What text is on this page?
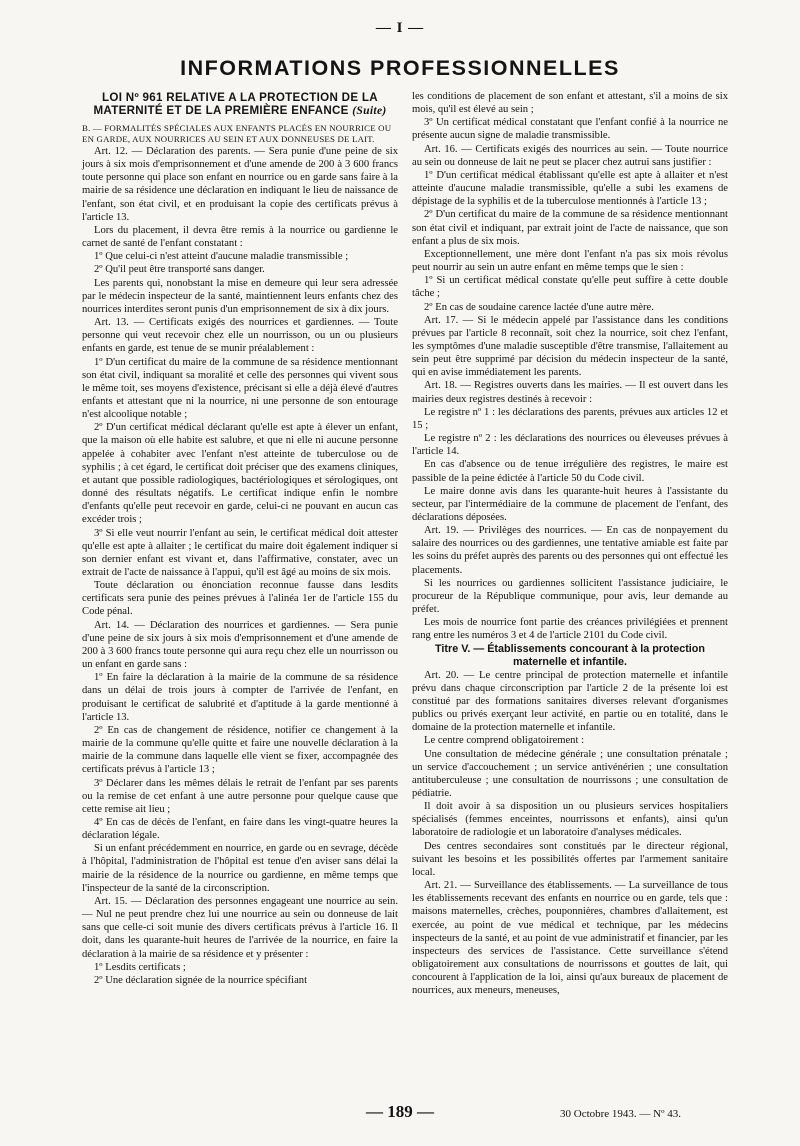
— I —
INFORMATIONS PROFESSIONNELLES
LOI Nº 961 RELATIVE A LA PROTECTION DE LA MATERNITÉ ET DE LA PREMIÈRE ENFANCE (Suite)

B. — FORMALITÉS SPÉCIALES AUX ENFANTS PLACÉS EN NOURRICE OU EN GARDE, AUX NOURRICES AU SEIN ET AUX DONNEUSES DE LAIT.

Art. 12. — Déclaration des parents. — Sera punie d'une peine de six jours à six mois d'emprisonnement et d'une amende de 200 à 3 600 francs toute personne qui place son enfant en nourrice ou en garde sans faire à la mairie de sa résidence une déclaration en indiquant le lieu de naissance de l'enfant, son état civil, et en produisant la copie des certificats prévus à l'article 13.

Lors du placement, il devra être remis à la nourrice ou gardienne le carnet de santé de l'enfant constatant :

1º Que celui-ci n'est atteint d'aucune maladie transmissible ;

2º Qu'il peut être transporté sans danger.

Les parents qui, nonobstant la mise en demeure qui leur sera adressée par le médecin inspecteur de la santé, maintiennent leurs enfants chez des nourrices interdites seront punis d'un emprisonnement de six à dix jours.

Art. 13. — Certificats exigés des nourrices et gardiennes. — Toute personne qui veut recevoir chez elle un nourrisson, ou un ou plusieurs enfants en garde, est tenue de se munir préalablement :

1º D'un certificat du maire de la commune de sa résidence mentionnant son état civil, indiquant sa moralité et celle des personnes qui vivent sous le même toit, ses moyens d'existence, précisant si elle a déjà élevé d'autres enfants et attestant que ni la nourrice, ni une personne de son entourage n'est alcoolique notable ;

2º D'un certificat médical déclarant qu'elle est apte à élever un enfant, que la maison où elle habite est salubre, et que ni elle ni aucune personne appelée à cohabiter avec l'enfant n'est atteinte de tuberculose ou de syphilis ; à cet égard, le certificat doit préciser que des examens cliniques, et autant que possible radiologiques, bactériologiques et sérologiques, ont donné des résultats négatifs. Le certificat indique enfin le nombre d'enfants qu'elle peut recevoir en garde, celui-ci ne pouvant en aucun cas excéder trois ;

3º Si elle veut nourrir l'enfant au sein, le certificat médical doit attester qu'elle est apte à allaiter ; le certificat du maire doit également indiquer si son dernier enfant est vivant et, dans l'affirmative, constater, avec un extrait de l'acte de naissance à l'appui, qu'il est âgé au moins de six mois.

Toute déclaration ou énonciation reconnue fausse dans lesdits certificats sera punie des peines prévues à l'alinéa 1er de l'article 155 du Code pénal.

Art. 14. — Déclaration des nourrices et gardiennes. — Sera punie d'une peine de six jours à six mois d'emprisonnement et d'une amende de 200 à 3 600 francs toute personne qui aura reçu chez elle un nourrisson ou un enfant en garde sans :

1º En faire la déclaration à la mairie de la commune de sa résidence dans un délai de trois jours à compter de l'arrivée de l'enfant, en produisant le certificat de salubrité et d'aptitude à la garde mentionné à l'article 13.

2º En cas de changement de résidence, notifier ce changement à la mairie de la commune qu'elle quitte et faire une nouvelle déclaration à la mairie de la commune dans laquelle elle vient se fixer, accompagnée des certificats prévus à l'article 13 ;

3º Déclarer dans les mêmes délais le retrait de l'enfant par ses parents ou la remise de cet enfant à une autre personne pour quelque cause que cette remise ait lieu ;

4º En cas de décès de l'enfant, en faire dans les vingt-quatre heures la déclaration légale.

Si un enfant précédemment en nourrice, en garde ou en sevrage, décède à l'hôpital, l'administration de l'hôpital est tenue d'en aviser sans délai la mairie de la résidence de la nourrice ou gardienne, en même temps que l'inspecteur de la santé de la circonscription.

Art. 15. — Déclaration des personnes engageant une nourrice au sein. — Nul ne peut prendre chez lui une nourrice au sein ou donneuse de lait sans que celle-ci soit munie des divers certificats prévus à l'article 16. Il doit, dans les quarante-huit heures de l'arrivée de la nourrice, en faire la déclaration à la mairie de sa résidence et y présenter :

1º Lesdits certificats ;

2º Une déclaration signée de la nourrice spécifiant

les conditions de placement de son enfant et attestant, s'il a moins de six mois, qu'il est élevé au sein ;

3º Un certificat médical constatant que l'enfant confié à la nourrice ne présente aucun signe de maladie transmissible.

Art. 16. — Certificats exigés des nourrices au sein. — Toute nourrice au sein ou donneuse de lait ne peut se placer chez autrui sans justifier :

1º D'un certificat médical établissant qu'elle est apte à allaiter et n'est atteinte d'aucune maladie transmissible, qu'elle a subi les examens de dépistage de la syphilis et de la tuberculose mentionnés à l'article 13 ;

2º D'un certificat du maire de la commune de sa résidence mentionnant son état civil et indiquant, par extrait joint de l'acte de naissance, que son enfant a plus de six mois.

Exceptionnellement, une mère dont l'enfant n'a pas six mois révolus peut nourrir au sein un autre enfant en même temps que le sien :

1º Si un certificat médical constate qu'elle peut suffire à cette double tâche ;

2º En cas de soudaine carence lactée d'une autre mère.

Art. 17. — Si le médecin appelé par l'assistance dans les conditions prévues par l'article 8 reconnaît, soit chez la nourrice, soit chez l'enfant, les symptômes d'une maladie susceptible d'être transmise, l'allaitement au sein peut être supprimé par décision du médecin inspecteur de la santé, qui en avise immédiatement les parents.

Art. 18. — Registres ouverts dans les mairies. — Il est ouvert dans les mairies deux registres destinés à recevoir :

Le registre nº 1 : les déclarations des parents, prévues aux articles 12 et 15 ;

Le registre nº 2 : les déclarations des nourrices ou éleveuses prévues à l'article 14.

En cas d'absence ou de tenue irrégulière des registres, le maire est passible de la peine édictée à l'article 50 du Code civil.

Le maire donne avis dans les quarante-huit heures à l'assistante du secteur, par l'intermédiaire de la commune de placement de l'enfant, des déclarations déposées.

Art. 19. — Privilèges des nourrices. — En cas de nonpayement du salaire des nourrices ou des gardiennes, une tentative amiable est faite par les soins du préfet auprès des parents ou des personnes qui ont effectué les placements.

Si les nourrices ou gardiennes sollicitent l'assistance judiciaire, le procureur de la République communique, pour avis, leur demande au préfet.

Les mois de nourrice font partie des créances privilégiées et prennent rang entre les numéros 3 et 4 de l'article 2101 du Code civil.

Titre V. — Établissements concourant à la protection maternelle et infantile.

Art. 20. — Le centre principal de protection maternelle et infantile prévu dans chaque circonscription par l'article 2 de la présente loi est constitué par des formations sanitaires diverses relevant d'organismes publics ou privés exerçant leur activité, en partie ou en totalité, dans le domaine de la protection maternelle et infantile.

Le centre comprend obligatoirement :

Une consultation de médecine générale ; une consultation prénatale ; un service d'accouchement ; un service antivénérien ; une consultation antituberculeuse ; une consultation de nourrissons ; une consultation de pédiatrie.

Il doit avoir à sa disposition un ou plusieurs services hospitaliers spécialisés (femmes enceintes, nourrissons et enfants), ainsi qu'un laboratoire de radiologie et un laboratoire d'analyses médicales.

Des centres secondaires sont constitués par le directeur régional, suivant les besoins et les possibilités offertes par l'armement sanitaire local.

Art. 21. — Surveillance des établissements. — La surveillance de tous les établissements recevant des enfants en nourrice ou en garde, tels que : maisons maternelles, crèches, pouponnières, chambres d'allaitement, est exercée, au point de vue médical et technique, par les médecins inspecteurs de la santé, et au point de vue administratif et financier, par les inspecteurs des services de l'assistance. Cette surveillance s'étend obligatoirement aux consultations de nourrissons et gouttes de lait, qui concourent à l'application de la loi, ainsi qu'aux bureaux de placement de nourrices, aux meneurs, meneuses,

— 189 —	30 Octobre 1943. — Nº 43.
